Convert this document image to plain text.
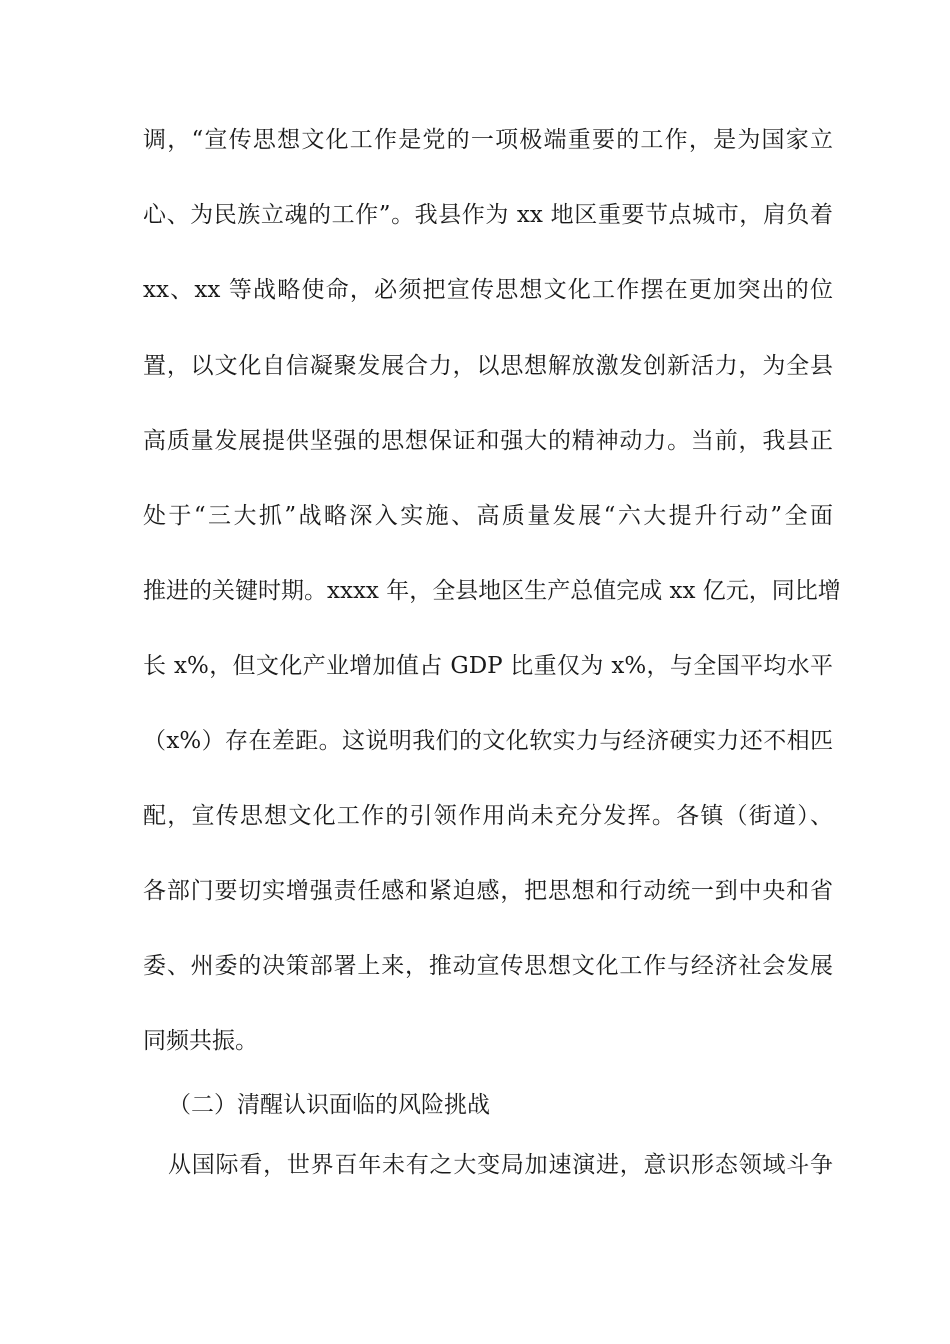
调，“宣传思想文化工作是党的一项极端重要的工作，是为国家立
心、为民族立魂的工作”。我县作为 xx 地区重要节点城市，肩负着
xx、xx 等战略使命，必须把宣传思想文化工作摆在更加突出的位
置，以文化自信凝聚发展合力，以思想解放激发创新活力，为全县
高质量发展提供坚强的思想保证和强大的精神动力。当前，我县正
处于“三大抓”战略深入实施、高质量发展“六大提升行动”全面
推进的关键时期。xxxx 年，全县地区生产总值完成 xx 亿元，同比增
长 x%，但文化产业增加值占 GDP 比重仅为 x%，与全国平均水平
（x%）存在差距。这说明我们的文化软实力与经济硬实力还不相匹
配，宣传思想文化工作的引领作用尚未充分发挥。各镇（街道）、
各部门要切实增强责任感和紧迫感，把思想和行动统一到中央和省
委、州委的决策部署上来，推动宣传思想文化工作与经济社会发展
同频共振。
（二）清醒认识面临的风险挑战
从国际看，世界百年未有之大变局加速演进，意识形态领域斗争
